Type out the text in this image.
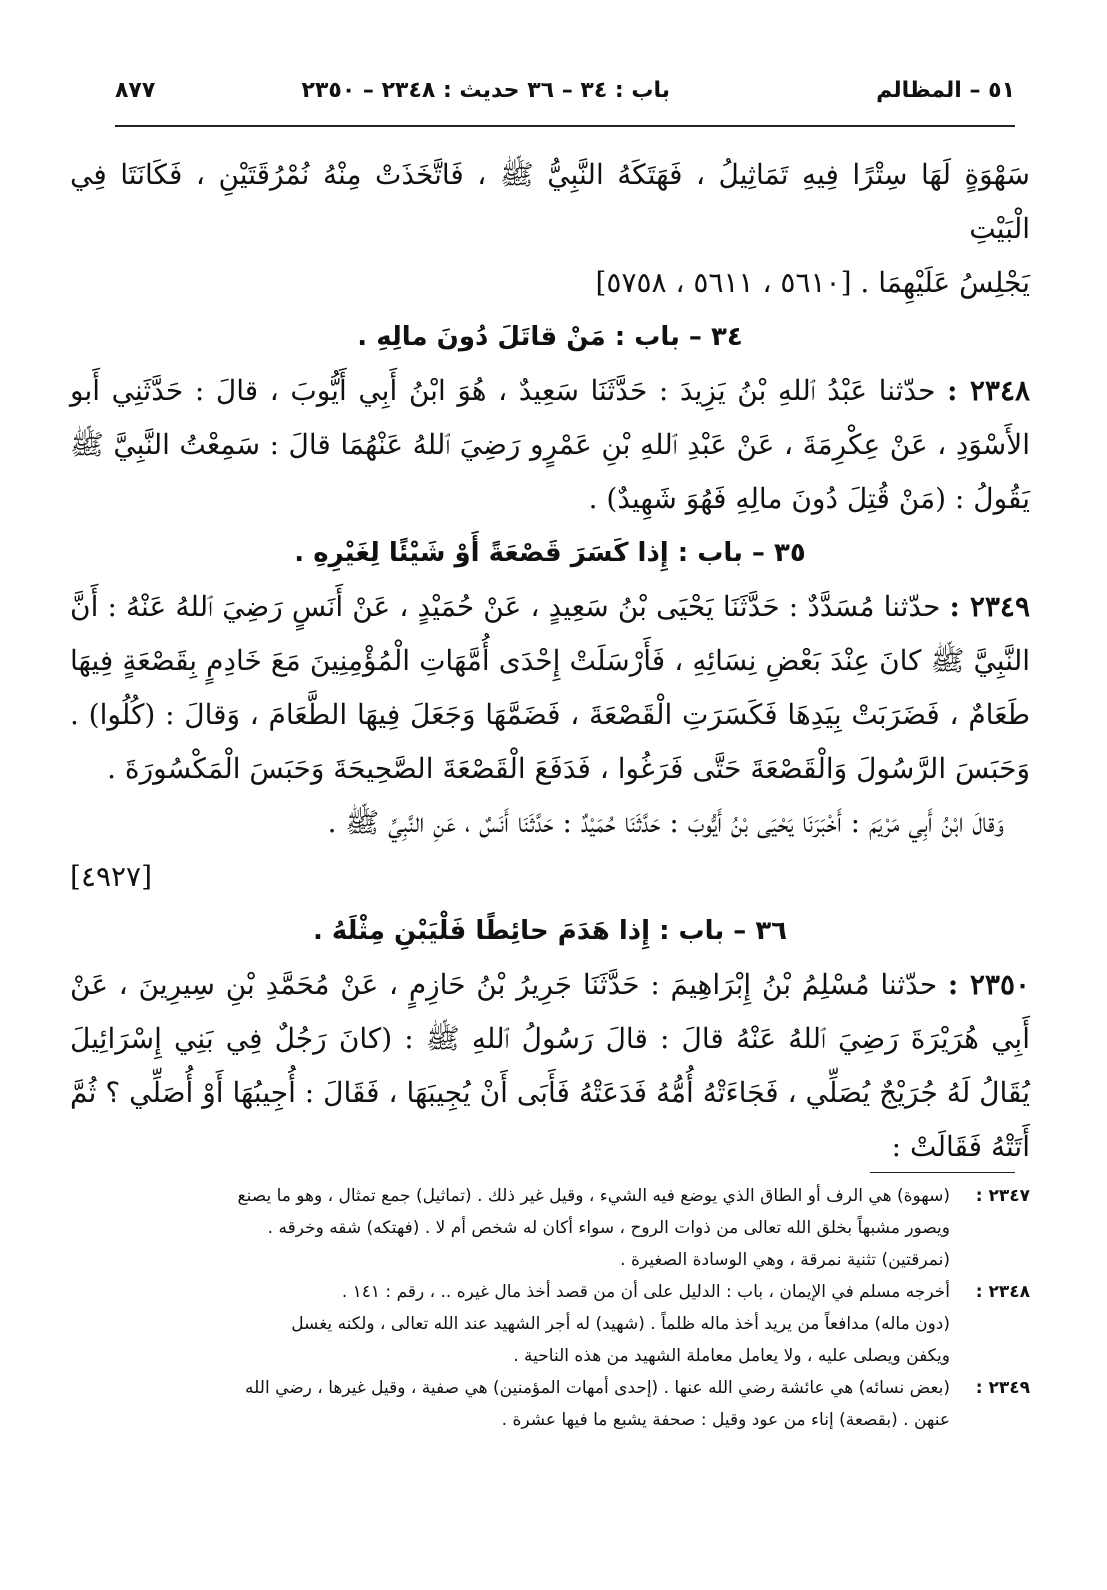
٥١ – المظالم
باب : ٣٤ – ٣٦ حديث : ٢٣٤٨ – ٢٣٥٠
٨٧٧

سَهْوَةٍ لَهَا سِتْرًا فِيهِ تَمَاثِيلُ ، فَهَتَكَهُ النَّبِيُّ ﷺ ، فَاتَّخَذَتْ مِنْهُ نُمْرُقَتَيْنِ ، فَكَانَتَا فِي الْبَيْتِ

يَجْلِسُ عَلَيْهِمَا . [٥٦١٠ ، ٥٦١١ ، ٥٧٥٨]

٣٤ – باب : مَنْ قاتَلَ دُونَ مالِهِ .

٢٣٤٨ : حدّثنا عَبْدُ ٱللهِ بْنُ يَزِيدَ : حَدَّثَنَا سَعِيدٌ ، هُوَ ابْنُ أَبِي أَيُّوبَ ، قالَ : حَدَّثَنِي أَبو الأَسْوَدِ ، عَنْ عِكْرِمَةَ ، عَنْ عَبْدِ ٱللهِ بْنِ عَمْرٍو رَضِيَ ٱللهُ عَنْهُمَا قالَ : سَمِعْتُ النَّبِيَّ ﷺ يَقُولُ : (مَنْ قُتِلَ دُونَ مالِهِ فَهُوَ شَهِيدٌ) .

٣٥ – باب : إِذا كَسَرَ قَصْعَةً أَوْ شَيْئًا لِغَيْرِهِ .

٢٣٤٩ : حدّثنا مُسَدَّدٌ : حَدَّثَنَا يَحْيَى بْنُ سَعِيدٍ ، عَنْ حُمَيْدٍ ، عَنْ أَنَسٍ رَضِيَ ٱللهُ عَنْهُ : أَنَّ النَّبِيَّ ﷺ كانَ عِنْدَ بَعْضِ نِسَائِهِ ، فَأَرْسَلَتْ إِحْدَى أُمَّهَاتِ الْمُؤْمِنِينَ مَعَ خَادِمٍ بِقَصْعَةٍ فِيهَا طَعَامٌ ، فَضَرَبَتْ بِيَدِهَا فَكَسَرَتِ الْقَصْعَةَ ، فَضَمَّهَا وَجَعَلَ فِيهَا الطَّعَامَ ، وَقالَ : (كُلُوا) . وَحَبَسَ الرَّسُولَ وَالْقَصْعَةَ حَتَّى فَرَغُوا ، فَدَفَعَ الْقَصْعَةَ الصَّحِيحَةَ وَحَبَسَ الْمَكْسُورَةَ .

وَقالَ ابْنُ أَبِي مَرْيَمَ : أَخْبَرَنَا يَحْيَى بْنُ أَيُّوبَ : حَدَّثَنَا حُمَيْدٌ : حَدَّثَنَا أَنَسٌ ، عَنِ النَّبِيِّ ﷺ .

[٤٩٢٧]

٣٦ – باب : إِذا هَدَمَ حائِطًا فَلْيَبْنِ مِثْلَهُ .

٢٣٥٠ : حدّثنا مُسْلِمُ بْنُ إِبْرَاهِيمَ : حَدَّثَنَا جَرِيرُ بْنُ حَازِمٍ ، عَنْ مُحَمَّدِ بْنِ سِيرِينَ ، عَنْ أَبِي هُرَيْرَةَ رَضِيَ ٱللهُ عَنْهُ قالَ : قالَ رَسُولُ ٱللهِ ﷺ : (كانَ رَجُلٌ فِي بَنِي إِسْرَائِيلَ يُقَالُ لَهُ جُرَيْجٌ يُصَلِّي ، فَجَاءَتْهُ أُمُّهُ فَدَعَتْهُ فَأَبَى أَنْ يُجِيبَهَا ، فَقَالَ : أُجِيبُهَا أَوْ أُصَلِّي ؟ ثُمَّ أَتَتْهُ فَقَالَتْ :

٢٣٤٧ :
(سهوة) هي الرف أو الطاق الذي يوضع فيه الشيء ، وقيل غير ذلك . (تماثيل) جمع تمثال ، وهو ما يصنع
ويصور مشبهاً بخلق الله تعالى من ذوات الروح ، سواء أكان له شخص أم لا . (فهتكه) شقه وخرقه .
(نمرقتين) تثنية نمرقة ، وهي الوسادة الصغيرة .
٢٣٤٨ :
أخرجه مسلم في الإيمان ، باب : الدليل على أن من قصد أخذ مال غيره .. ، رقم : ١٤١ .
(دون ماله) مدافعاً من يريد أخذ ماله ظلماً . (شهيد) له أجر الشهيد عند الله تعالى ، ولكنه يغسل
ويكفن ويصلى عليه ، ولا يعامل معاملة الشهيد من هذه الناحية .
٢٣٤٩ :
(بعض نسائه) هي عائشة رضي الله عنها . (إحدى أمهات المؤمنين) هي صفية ، وقيل غيرها ، رضي الله
عنهن . (بقصعة) إناء من عود وقيل : صحفة يشبع ما فيها عشرة .
